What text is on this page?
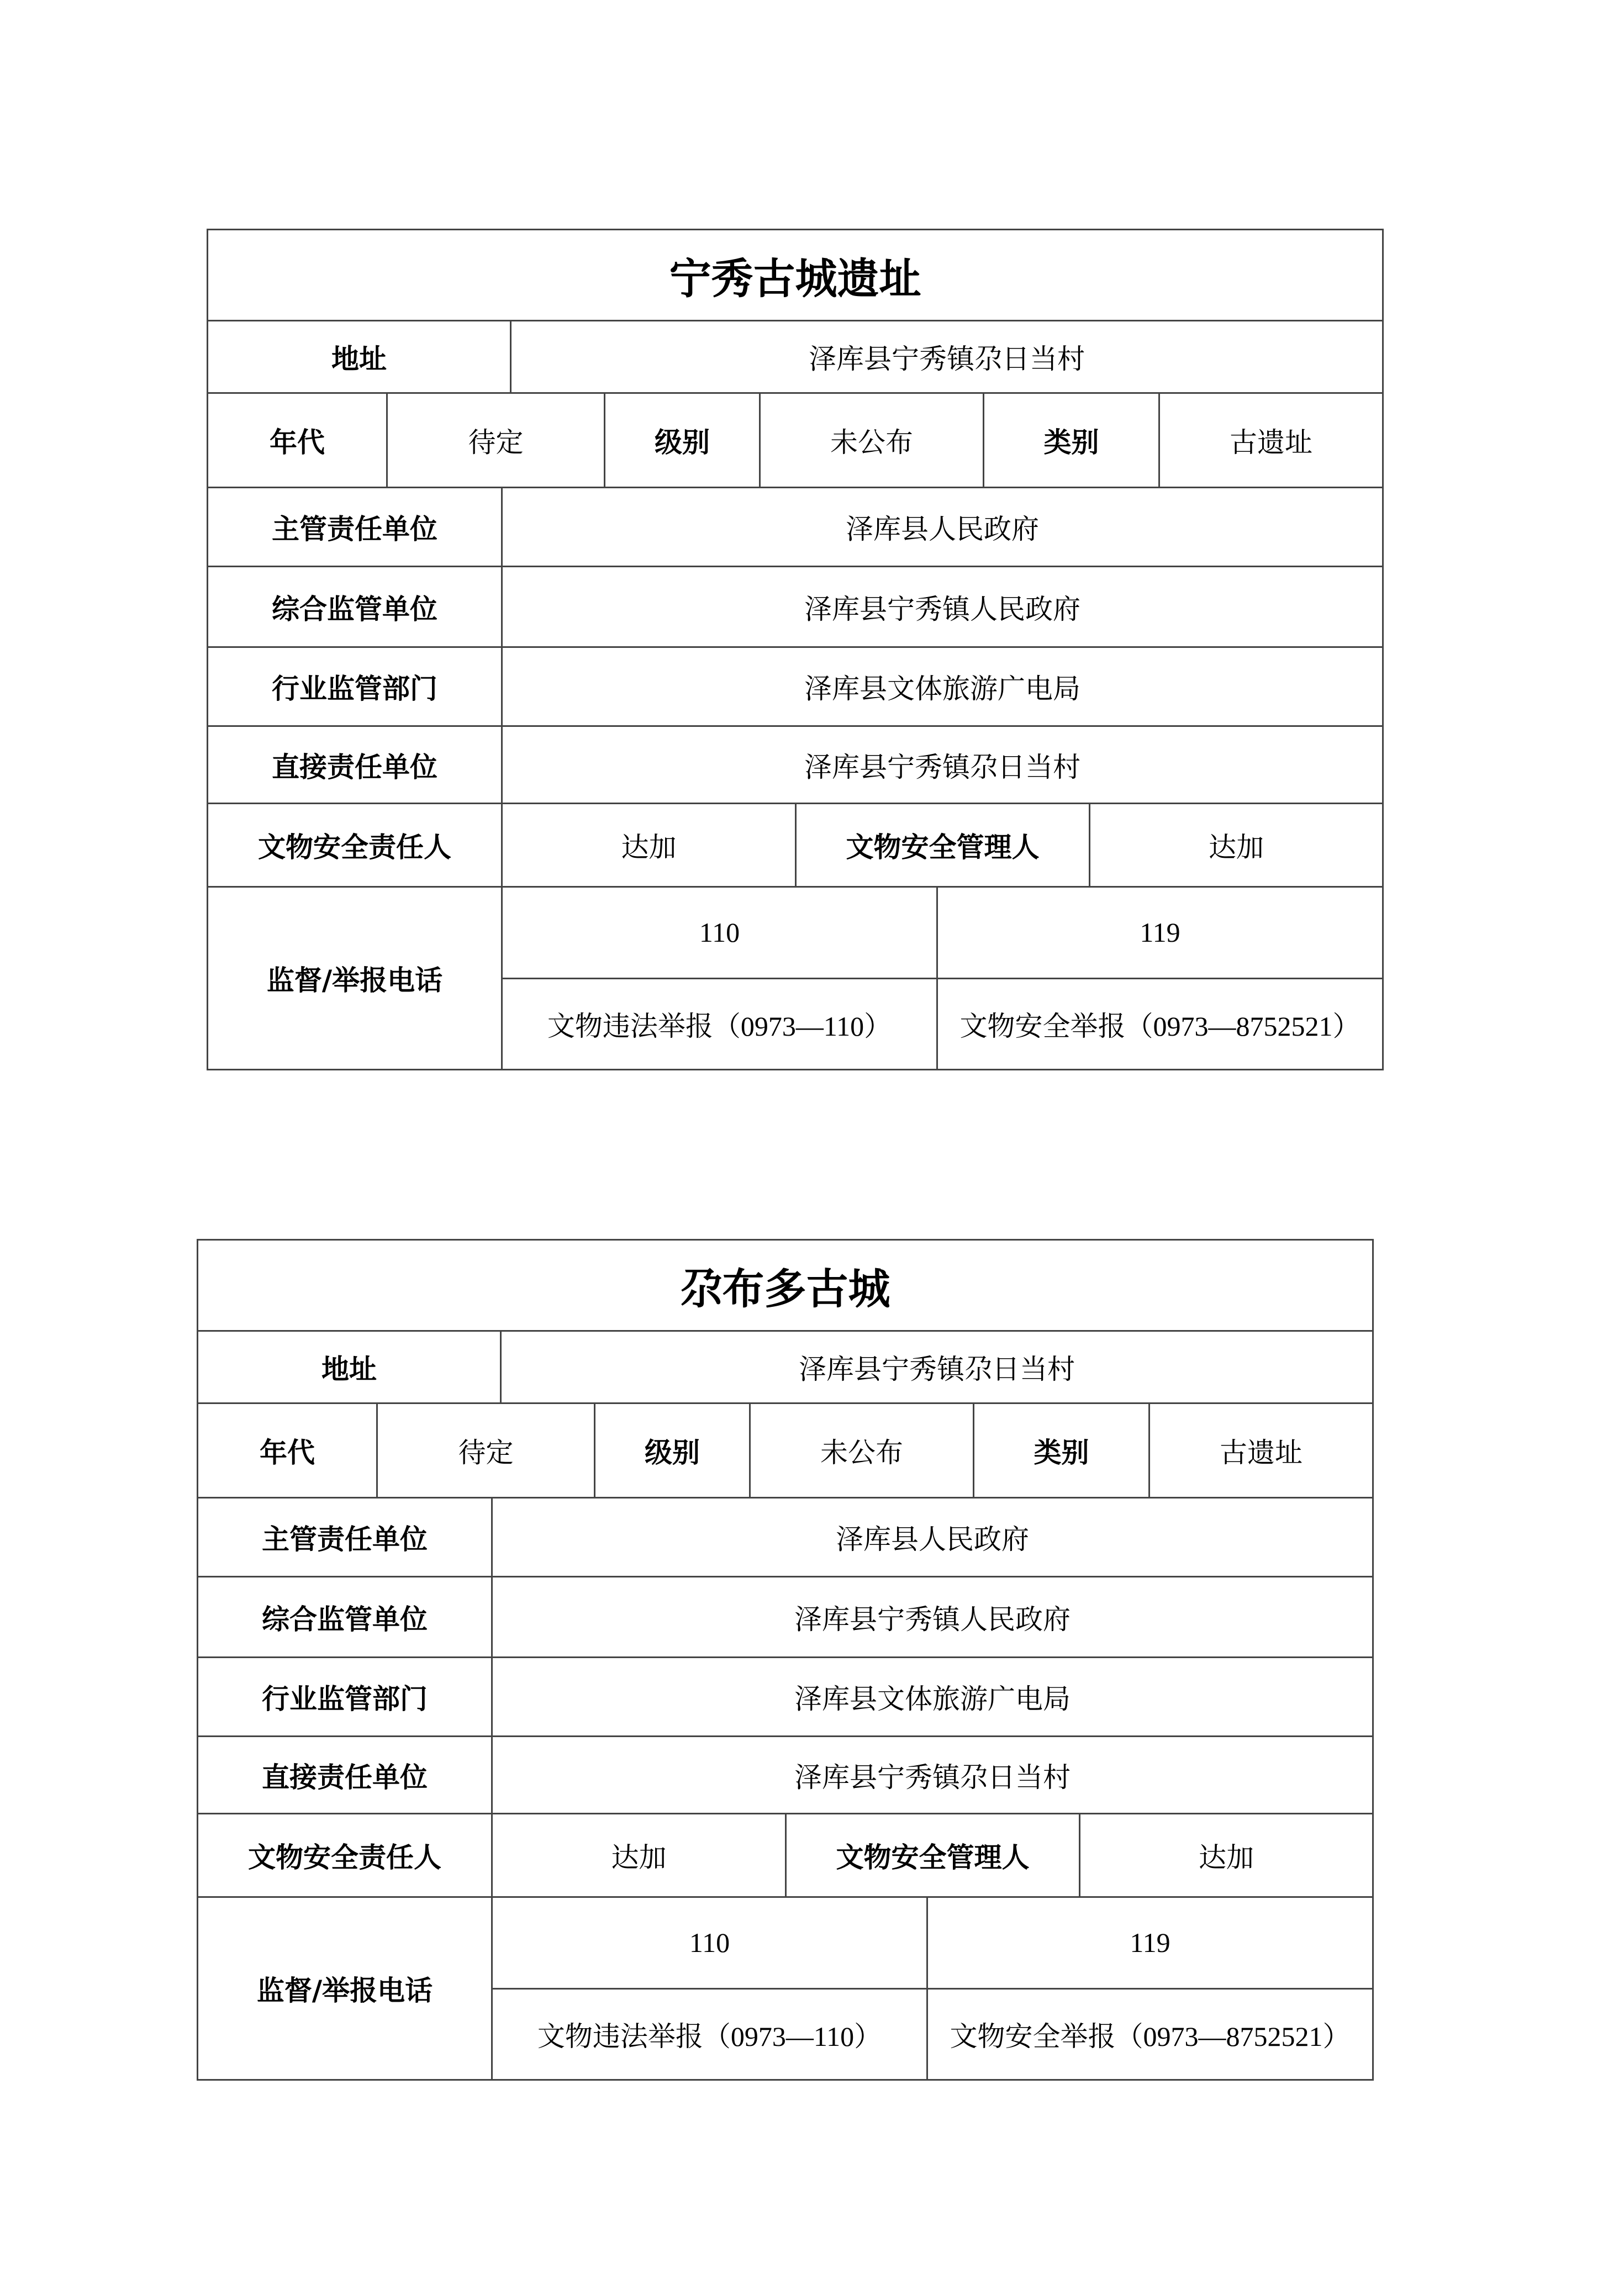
宁秀古城遗址
地址	泽库县宁秀镇尕日当村
年代	待定	级别	未公布	类别	古遗址
主管责任单位	泽库县人民政府
综合监管单位	泽库县宁秀镇人民政府
行业监管部门	泽库县文体旅游广电局
直接责任单位	泽库县宁秀镇尕日当村
文物安全责任人	达加	文物安全管理人	达加
监督/举报电话
110	119
文物违法举报 （0973—110） 文物安全举报 （0973—8752521）
尕布多古城
地址	泽库县宁秀镇尕日当村
年代	待定	级别	未公布	类别	古遗址
主管责任单位	泽库县人民政府
综合监管单位	泽库县宁秀镇人民政府
行业监管部门	泽库县文体旅游广电局
直接责任单位	泽库县宁秀镇尕日当村
文物安全责任人	达加	文物安全管理人	达加
监督/举报电话
110	119
文物违法举报 （0973—110） 文物安全举报 （0973—8752521）
